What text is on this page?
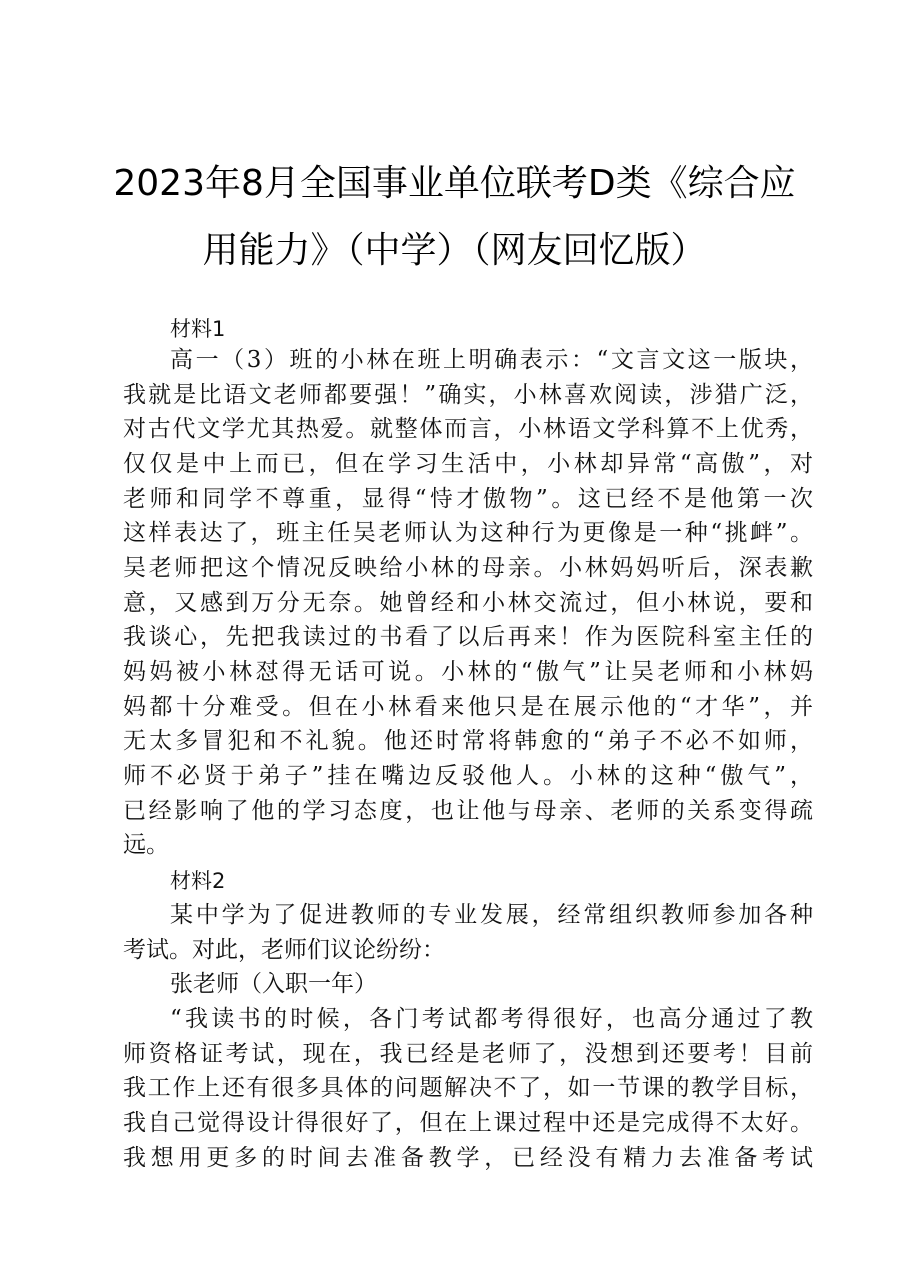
2023年8月全国事业单位联考D类《综合应
用能力》（中学）（网友回忆版）
材料1
高一（3）班的小林在班上明确表示：“文言文这一版块，
我就是比语文老师都要强！”确实，小林喜欢阅读，涉猎广泛，
对古代文学尤其热爱。就整体而言，小林语文学科算不上优秀，
仅仅是中上而已，但在学习生活中，小林却异常“高傲”，对
老师和同学不尊重，显得“恃才傲物”。这已经不是他第一次
这样表达了，班主任吴老师认为这种行为更像是一种“挑衅”。
吴老师把这个情况反映给小林的母亲。小林妈妈听后，深表歉
意，又感到万分无奈。她曾经和小林交流过，但小林说，要和
我谈心，先把我读过的书看了以后再来！作为医院科室主任的
妈妈被小林怼得无话可说。小林的“傲气”让吴老师和小林妈
妈都十分难受。但在小林看来他只是在展示他的“才华”，并
无太多冒犯和不礼貌。他还时常将韩愈的“弟子不必不如师，
师不必贤于弟子”挂在嘴边反驳他人。小林的这种“傲气”，
已经影响了他的学习态度，也让他与母亲、老师的关系变得疏
远。
材料2
某中学为了促进教师的专业发展，经常组织教师参加各种
考试。对此，老师们议论纷纷：
张老师（入职一年）
“我读书的时候，各门考试都考得很好，也高分通过了教
师资格证考试，现在，我已经是老师了，没想到还要考！目前
我工作上还有很多具体的问题解决不了，如一节课的教学目标，
我自己觉得设计得很好了，但在上课过程中还是完成得不太好。
我想用更多的时间去准备教学，已经没有精力去准备考试
